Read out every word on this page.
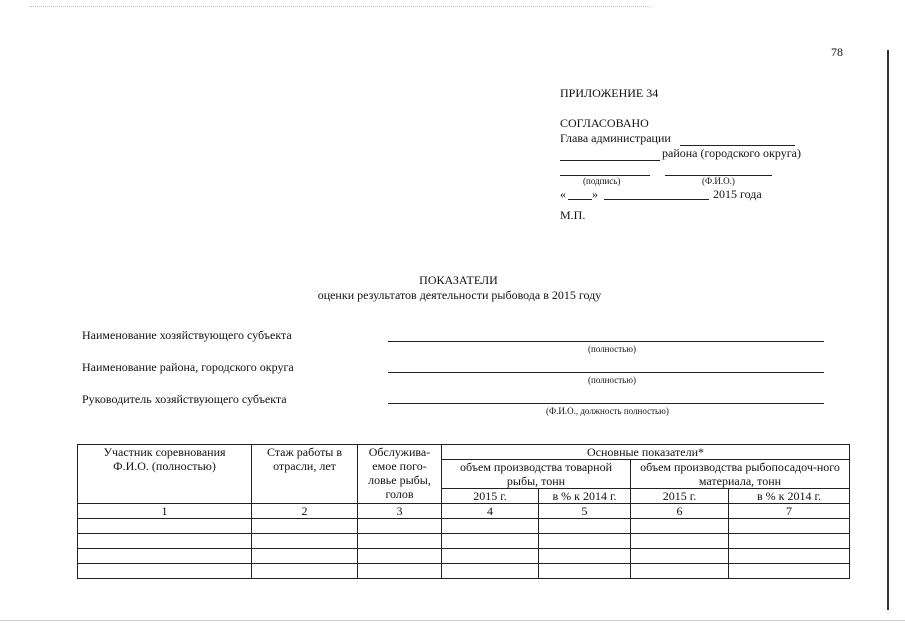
78
ПРИЛОЖЕНИЕ 34
СОГЛАСОВАНО
Глава администрации
района (городского округа)
(подпись)	(Ф.И.О.)
« »	2015 года
М.П.
ПОКАЗАТЕЛИ
оценки результатов деятельности рыбовода в 2015 году
Наименование хозяйствующего субъекта
(полностью)
Наименование района, городского округа
(полностью)
Руководитель хозяйствующего субъекта
(Ф.И.О., должность полностью)
Участник соревнования Ф.И.О. (полностью)	Стаж работы в отрасли, лет	Обслужива-емое пого-ловье рыбы, голов	Основные показатели*			
			объем производства товарной рыбы, тонн		объем производства рыбопосадоч-ного материала, тонн	

			2015 г.	в % к 2014 г.	2015 г.	в % к 2014 г.
1	2	3	4	5	6	7
